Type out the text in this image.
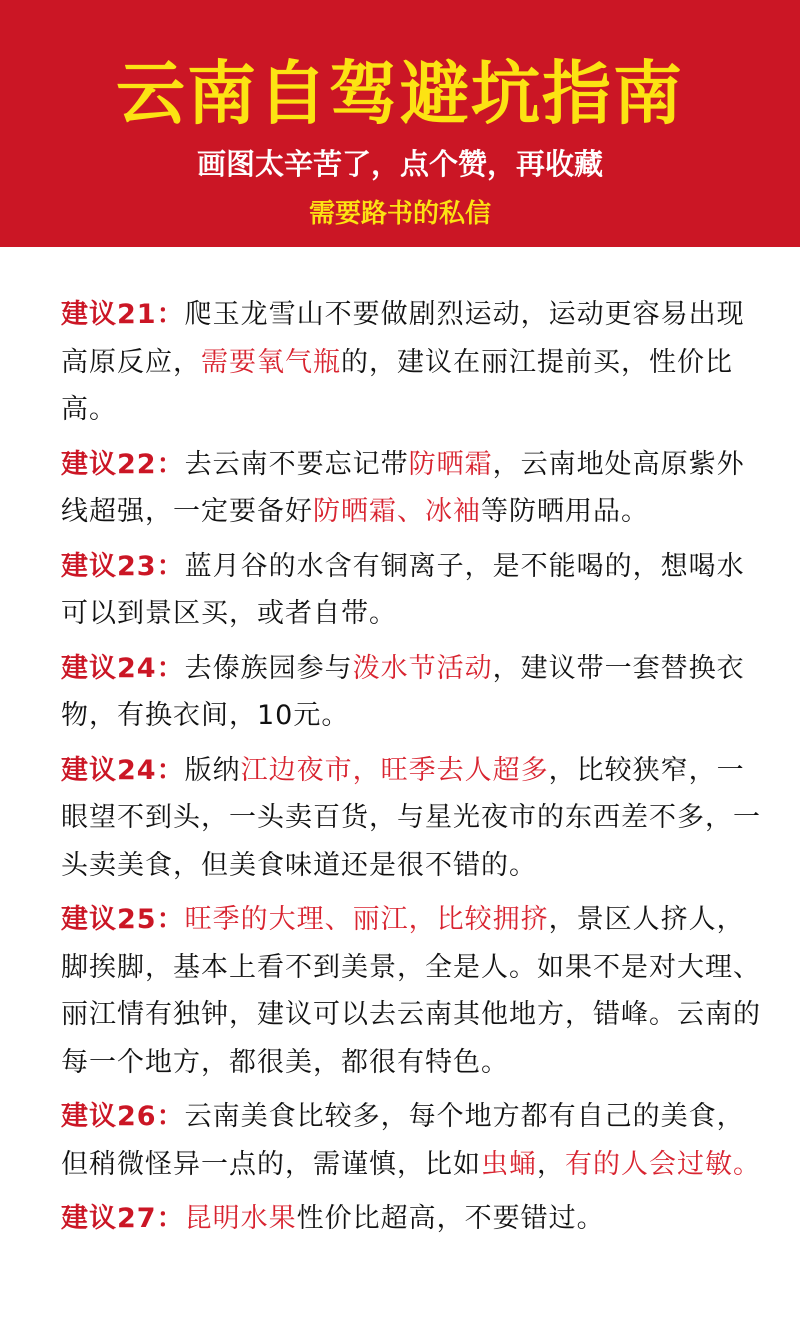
云南自驾避坑指南
画图太辛苦了，点个赞，再收藏
需要路书的私信
建议21：爬玉龙雪山不要做剧烈运动，运动更容易出现高原反应，需要氧气瓶的，建议在丽江提前买，性价比高。
建议22：去云南不要忘记带防晒霜，云南地处高原紫外线超强，一定要备好防晒霜、冰袖等防晒用品。
建议23：蓝月谷的水含有铜离子，是不能喝的，想喝水可以到景区买，或者自带。
建议24：去傣族园参与泼水节活动，建议带一套替换衣物，有换衣间，10元。
建议24：版纳江边夜市，旺季去人超多，比较狭窄，一眼望不到头，一头卖百货，与星光夜市的东西差不多，一头卖美食，但美食味道还是很不错的。
建议25：旺季的大理、丽江，比较拥挤，景区人挤人，脚挨脚，基本上看不到美景，全是人。如果不是对大理、丽江情有独钟，建议可以去云南其他地方，错峰。云南的每一个地方，都很美，都很有特色。
建议26：云南美食比较多，每个地方都有自己的美食，但稍微怪异一点的，需谨慎，比如虫蛹，有的人会过敏。
建议27：昆明水果性价比超高，不要错过。
